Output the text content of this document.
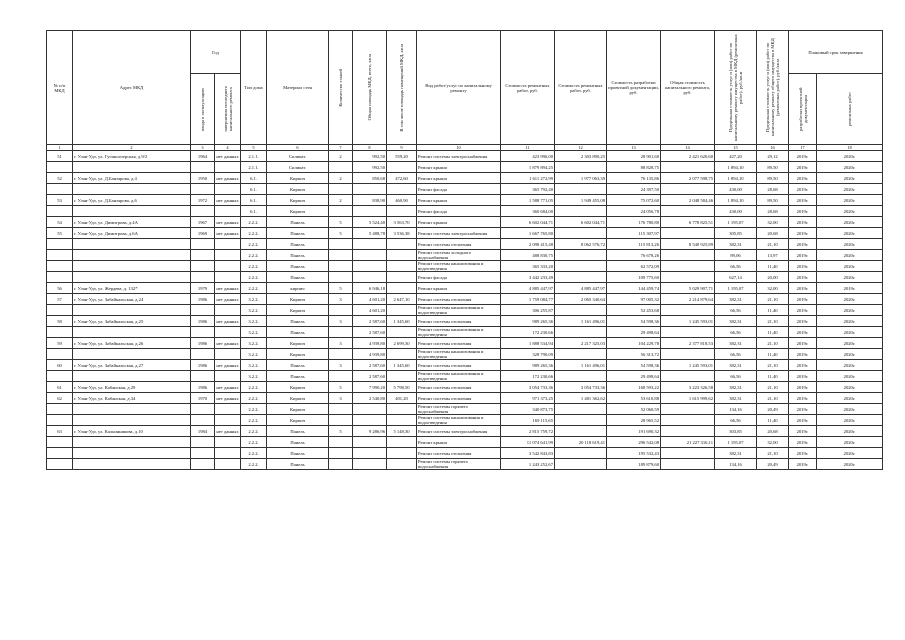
№ п/п МКД	Адрес МКД	Год		Тип дома	Материал стен	Количество этажей	Общая площадь МКД, всего, кв.м	В том числе площадь помещений МКД, кв.м	Вид работ/услуг по капитальному ремонту	Стоимость ремонтных работ, руб.	Стоимость ремонтных работ, руб.	Стоимость разработки проектной документации, руб.	Общая стоимость капитального ремонта, руб.	Предельная стоимость услуг и (или) работ по капитальному ремонту имущества в МКД (ремонтных работ), руб./кв.м	Предельная стоимость услуг и (или) работ по капитальному ремонту общего имущества в МКД (ремонтных работ), руб./кв.м	Плановый срок завершения	

		ввода в эксплуатацию	завершения последнего капитального ремонта													разработки проектной документации	ремонтных работ

1	2	3	4	5	6	7	8	9	10	11	12	13	14	15	16	17	18
51	г. Улан-Удэ, ул. Гусиноозерская, д.9/2	1964	нет данных	2.1.1.	Силикат.	2	992,50	559,20	Ремонт системы электроснабжения	423 996,00	2 303 890,25	28 901,60	2 421 620,60	427,20	29,12	2019г.	2020г.
				2.1.1.	Силикат.		992,50		Ремонт крыши	1 879 894,25		88 828,75		1 894,10	89,50	2019г.	2020г.
52	г. Улан-Удэ, ул. Д.Банзарова, д.4	1950	нет данных	6.1.	Кирпич	2	850,68	472,60	Ремонт крыши	1 611 272,99	1 977 063,39	76 135,86	2 077 598,75	1 894,10	89,50	2019г.	2020г.
				6.1.	Кирпич				Ремонт фасада	365 792,40		24 397,50		430,00	28,68	2019г.	2020г.
53	г. Улан-Удэ, ул. Д.Банзарова, д.6	1972	нет данных	6.1.	Кирпич	2	838,90	460,90	Ремонт крыши	1 588 771,05	1 949 455,08	75 072,60	2 048 584,46	1 894,10	89,50	2019г.	2020г.
				6.1.	Кирпич				Ремонт фасада	360 684,00		24 056,78		430,00	28,68	2019г.	2020г.
54	г. Улан-Удэ, ул. Димитрова, д.4А	1967	нет данных	2.2.2.	Панель	5	5 524,40	3 563,70	Ремонт крыши	6 602 044,71	6 602 044,71	176 780,80	6 778 825,51	1 195,07	32,00	2019г.	2020г.
55	г. Улан-Удэ, ул. Димитрова, д.6А	1969	нет данных	2.2.2.	Панель	5	5 488,78	3 536,38	Ремонт системы электроснабжения	1 667 765,80		115 307,97		305,85	20,68	2019г.	2020г.
				2.2.2.	Панель				Ремонт системы отопления	2 098 415,48	8 062 576,72	115 813,26	8 540 925,89	382,31	21,10	2019г.	2020г.
				2.2.2.	Панель				Ремонт системы холодного водоснабжения	488 830,75		76 678,26		89,06	13,97	2019г.	2020г.
				2.2.2.	Панель				Ремонт системы канализования и водоотведения	365 333,20		62 572,09		66,56	11,40	2019г.	2020г.
				2.2.2.	Панель				Ремонт фасада	3 442 233,49		109 775,60		627,14	20,00	2019г.	2020г.
56	г. Улан-Удэ, ул. Жердева, д. 132*	1979	нет данных	2.2.2.	кирпич	5	6 946,18		Ремонт крыши	4 885 447,97	4 885 447,97	144 459,74	5 029 907,71	1 195,07	32,00	2019г.	2019г.
57	г. Улан-Удэ, ул. Забайкальская, д.24	1986	нет данных	3.2.2.	Кирпич	3	4 601,20	2 647,10	Ремонт системы отопления	1 759 084,77	2 065 340,64	97 005,32	2 214 879,64	382,31	21,10	2019г.	2020г.
				3.2.2.	Кирпич		4 601,20		Ремонт системы канализования и водоотведения	306 255,87		52 453,68		66,56	11,40	2019г.	2020г.
58	г. Улан-Удэ, ул. Забайкальская, д.25	1986	нет данных	3.2.2.	Панель	3	2 587,60	1 345,60	Ремонт системы отопления	989 265,36	1 161 496,01	54 598,36	1 245 593,01	382,31	21,10	2019г.	2020г.
				3.2.2.	Панель		2 587,60		Ремонт системы канализования и водоотведения	172 230,66		29 498,64		66,56	11,40	2019г.	2020г.
59	г. Улан-Удэ, ул. Забайкальская, д.26	1986	нет данных	3.2.2.	Кирпич	3	4 939,80	2 699,30	Ремонт системы отопления	1 888 534,94	2 217 325,03	104 229,78	2 377 818,53	382,31	21,10	2019г.	2020г.
				3.2.2.	Кирпич		4 939,80		Ремонт системы канализования и водоотведения	328 790,09		56 313,72		66,56	11,40	2019г.	2020г.
60	г. Улан-Удэ, ул. Забайкальская, д.27	1986	нет данных	3.2.2.	Панель	3	2 587,60	1 345,60	Ремонт системы отопления	989 265,36	1 161 496,01	54 598,36	1 245 593,01	382,31	21,10	2019г.	2020г.
				3.2.2.	Панель		2 587,60		Ремонт системы канализования и водоотведения	172 230,66		29 498,64		66,56	11,40	2019г.	2020г.
61	г. Улан-Удэ, ул. Кабанская, д.29	1986	нет данных	2.2.2.	Кирпич	5	7 990,20	5 798,50	Ремонт системы отопления	3 054 733,36	3 054 733,36	168 593,22	3 223 326,58	382,31	21,10	2019г.	2020г.
62	г. Улан-Удэ, ул. Кабанская, д.34	1970	нет данных	2.2.2.	Кирпич	3	2 540,80	401,20	Ремонт системы отопления	971 373,25	1 481 362,62	53 610,88	1 615 999,62	382,31	21,10	2019г.	2020г.
				2.2.2.	Кирпич				Ремонт системы горячего водоснабжения	340 873,75		52 060,59		134,16	20,49	2019г.	2020г.
				2.2.2.	Кирпич				Ремонт системы канализования и водоотведения	169 115,65		28 965,52		66,56	11,40	2019г.	2020г.
63	г. Улан-Удэ, ул. Кальинникова, д.10	1984	нет данных	2.2.2.	Панель	5	9 286,96	5 148,30	Ремонт системы электроснабжения	2 815 759,72		191 690,32		303,85	20,68	2019г.	2020г.
				2.2.2.	Панель				Ремонт крыши	11 074 641,99	20 118 619,41	296 542,08	21 227 316,11	1 195,07	32,00	2019г.	2020г.
				2.2.2.	Панель				Ремонт системы отопления	3 542 843,83		195 532,43		382,31	21,10	2019г.	2020г.
				2.2.2.	Панель				Ремонт системы горячего водоснабжения	1 243 252,67		189 879,60		134,16	20,49	2019г.	2020г.
